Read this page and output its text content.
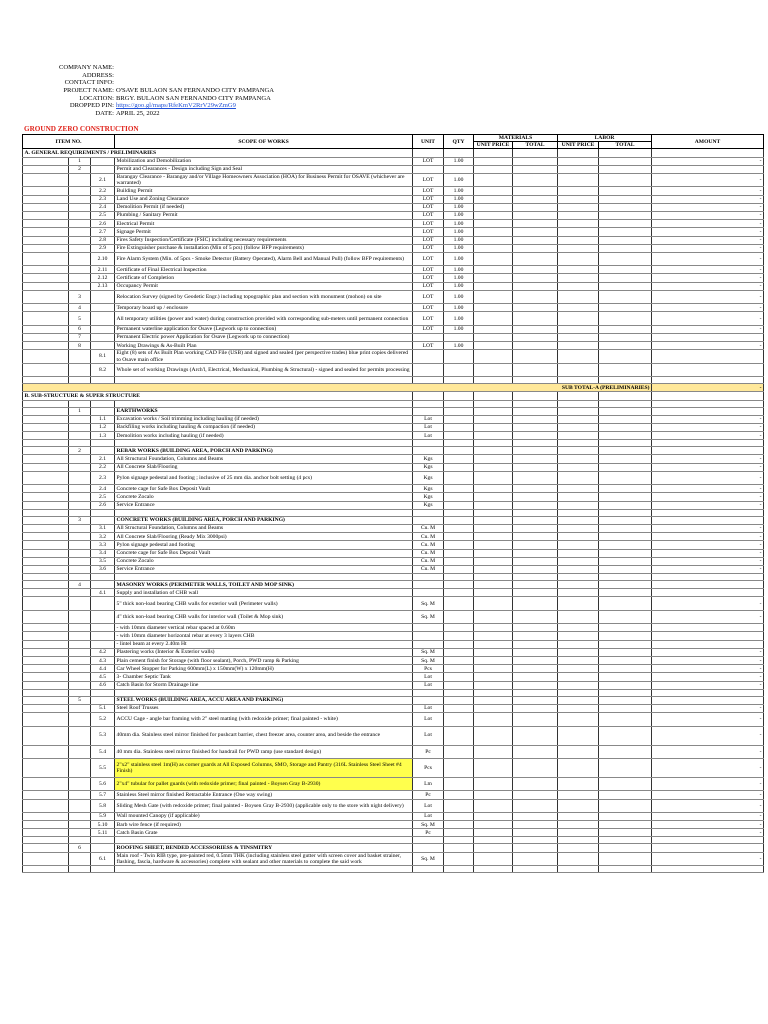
COMPANY NAME:
ADDRESS:
CONTACT INFO:
PROJECT NAME: O'SAVE BULAON SAN FERNANDO CITY PAMPANGA
LOCATION: BRGY. BULAON SAN FERNANDO CITY PAMPANGA
DROPPED PIN: https://goo.gl/maps/RfeKmV2RrV29wZmG9
DATE: APRIL 25, 2022
GROUND ZERO CONSTRUCTION
ITEM NO.			SCOPE OF WORKS	UNIT	QTY	MATERIALS		LABOR		AMOUNT
						UNIT PRICE	TOTAL	UNIT PRICE	TOTAL	
A. GENERAL REQUIREMENTS / PRELIMINARIES										
	1		Mobilization and Demobilization	LOT	1.00					-
	2		Permit and Clearances - Design including Sign and Seal							
		2.1	Barangay Clearance - Barangay and/or Village Homeowners Association (HOA) for Business Permit for OSAVE (whichever are warranted)	LOT	1.00					-
		2.2	Building Permit	LOT	1.00					-
		2.3	Land Use and Zoning Clearance	LOT	1.00					-
		2.4	Demolition Permit (if needed)	LOT	1.00					-
		2.5	Plumbing / Sanitary Permit	LOT	1.00					-
		2.6	Electrical Permit	LOT	1.00					-
		2.7	Signage Permit	LOT	1.00					-
		2.8	Fires Safety Inspection/Certificate (FSIC) including necessary requirements	LOT	1.00					-
		2.9	Fire Extinguisher purchase & installation (Min of 5 pcs) (follow BFP requirements)	LOT	1.00					-
		2.10	Fire Alarm System (Min. of 5pcs - Smoke Detector (Battery Operated), Alarm Bell and Manual Pull) (follow BFP requirements)	LOT	1.00					-
		2.11	Certificate of Final Electrical Inspection	LOT	1.00					-
		2.12	Certificate of Completion	LOT	1.00					-
		2.13	Occupancy Permit	LOT	1.00					-
	3		Relocation Survey (signed by Geodetic Engr.) including topographic plan and section with monument (mohon) on site	LOT	1.00					-
	4		Temporary board up / enclosure	LOT	1.00					-
	5		All temporary utilities (power and water) during construction provided with corresponding sub-meters until permanent connection	LOT	1.00					-
	6		Permanent waterline application for Osave (Legwork up to connection)	LOT	1.00					-
	7		Permanent Electric power Application for Osave (Legwork up to connection)							
	8		Working Drawings & As-Built Plan	LOT	1.00					-
		8.1	Eight (8) sets of As Built Plan working CAD File (USB) and signed and sealed (per perspective trades) blue print copies delivered to Osave main office							
		8.2	Whole set of working Drawings (Arch'l, Electrical, Mechanical, Plumbing & Structural) - signed and sealed for permits processing							

SUB TOTAL-A (PRELIMINARIES)										-
B. SUB-STRUCTURE & SUPER STRUCTURE										

	1		EARTHWORKS							
		1.1	Excavation works / Soil trimming including hauling (if needed)	Lot						-
		1.2	Backfiling works including hauling & compaction (if needed)	Lot						-
		1.3	Demolition works including hauling (if needed)	Lot						-

	2		REBAR WORKS (BUILDING AREA, PORCH AND PARKING)							
		2.1	All Structural Foundation, Columns and Beams	Kgs						-
		2.2	All Concrete Slab/Flooring	Kgs						-
		2.3	Pylon signage pedestal and footing ; inclusive of 25 mm dia. anchor bolt setting (4 pcs)	Kgs						-
		2.4	Concrete cage for Safe Box Deposit Vault	Kgs						-
		2.5	Concrete Zocalo	Kgs						-
		2.6	Service Entrance	Kgs						-

	3		CONCRETE WORKS (BUILDING AREA, PORCH AND PARKING)							
		3.1	All Structural Foundation, Columns and Beams	Cu. M						-
		3.2	All Concrete Slab/Flooring (Ready Mix 3000psi)	Cu. M						-
		3.3	Pylon signage pedestal and footing	Cu. M						-
		3.4	Concrete cage for Safe Box Deposit Vault	Cu. M						-
		3.5	Concrete Zocalo	Cu. M						-
		3.6	Service Entrance	Cu. M						-

	4		MASONRY WORKS (PERIMETER WALLS, TOILET AND MOP SINK)							
		4.1	Supply and installation of CHB wall							
			5" thick non-load bearing CHB walls for exterior wall (Perimeter walls)	Sq. M						-
			4" thick non-load bearing CHB walls for interior wall (Toilet & Mop sink)	Sq. M						-
			- with 10mm diameter vertical rebar spaced at 0.60m							
			- with 10mm diameter horizontal rebar at every 3 layers CHB							
			- lintel beam at every 2.40m Ht							
		4.2	Plastering works (Interior & Exterior walls)	Sq. M						-
		4.3	Plain cement finish for Storage (with floor sealant), Porch, PWD ramp & Parking	Sq. M						-
		4.4	Car Wheel Stopper for Parking 600mm(L) x 150mm(W) x 120mm(H)	Pcs						-
		4.5	3- Chamber Septic Tank	Lot						-
		4.6	Catch Basin for Storm Drainage line	Lot						-

	5		STEEL WORKS (BUILDING AREA, ACCU AREA AND PARKING)							
		5.1	Steel Roof Trusses	Lot						-
		5.2	ACCU Cage - angle bar framing with 2" steel matting (with redoxide primer; final painted - white)	Lot						-
		5.3	40mm dia. Stainless steel mirror finished for pushcart barrier, chest freezer area, counter area, and beside the entrance	Lot						-
		5.4	40 mm dia. Stainless steel mirror finished for handrail for PWD ramp (use standard design)	Pc						-
		5.5	2"x2" stainless steel 1m(H) as corner guards at All Exposed Columns, SMO, Storage and Pantry (316L Stainless Steel Sheet #4 Finish)	Pcs						-
		5.6	2"x4" tubular for pallet guards (with redoxide primer; final painted - Boysen Gray B-2930)	Lm						-
		5.7	Stainless Steel mirror finished Retractable Entrance (One way swing)	Pc						-
		5.8	Sliding Mesh Gate (with redoxide primer; final painted - Boysen Gray B-2930) (applicable only to the store with night delivery)	Lot						-
		5.9	Wall mounted Canopy (if applicable)	Lot						-
		5.10	Barb wire fence (if required)	Sq. M						-
		5.11	Catch Basin Grate	Pc						-

	6		ROOFING SHEET, BENDED ACCESSORIESS & TINSMITRY							
		6.1	Main roof - Twin RIB type, pre-painted red, 0.5mm THK (including stainless steel gutter with screen cover and basket strainer, flashing, fascia, hardware & accessories) complete with sealant and other materials to complete the said work	Sq. M						-
